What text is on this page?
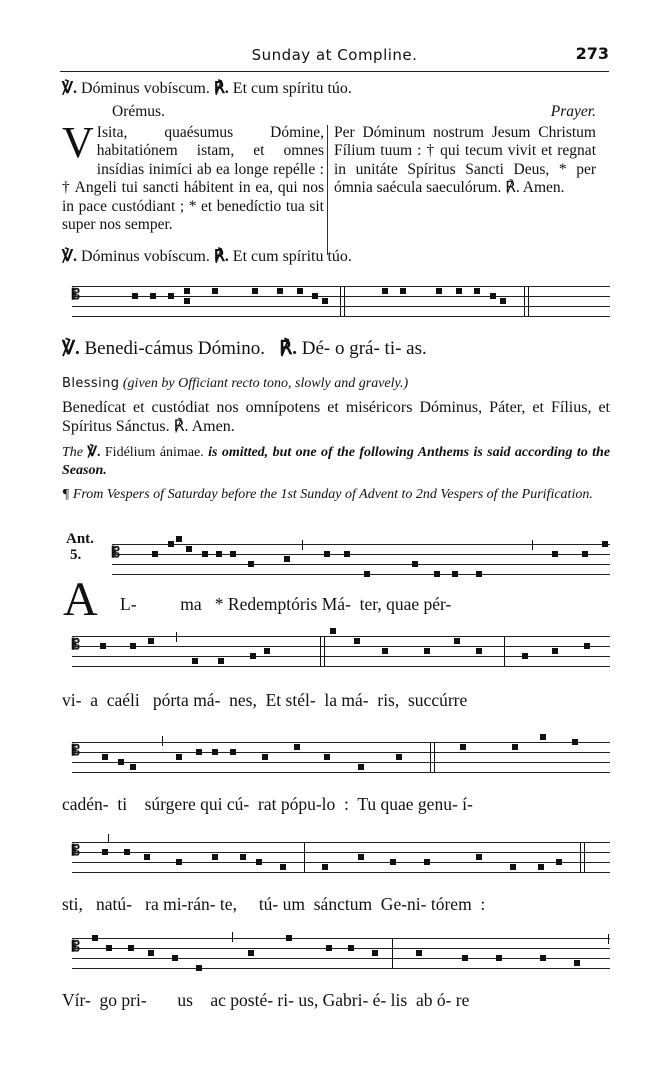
Sunday at Compline.	273
℣. Dóminus vobíscum. ℟. Et cum spíritu túo.
Orémus.
V Isita, quaésumus Dómine, habitatiónem istam, et omnes insídias inimíci ab ea longe repélle : † Angeli tui sancti hábitent in ea, qui nos in pace custódiant ; * et benedíctio tua sit super nos semper.
Prayer.
Per Dóminum nostrum Jesum Christum Fílium tuum : † qui tecum vivit et regnat in unitáte Spíritus Sancti Deus, * per ómnia saécula saeculórum. ℟. Amen.
℣. Dóminus vobíscum. ℟. Et cum spíritu túo.
𝄡
℣. Benedi-cámus Dómino. ℟. Dé- o grá- ti- as.
Blessing (given by Officiant recto tono, slowly and gravely.)
Benedícat et custódiat nos omnípotens et miséricors Dóminus, Páter, et Fílius, et Spíritus Sánctus. ℟. Amen.
The ℣. Fidélium ánimae. is omitted, but one of the following Anthems is said according to the Season.
¶ From Vespers of Saturday before the 1st Sunday of Advent to 2nd Vespers of the Purification.
Ant.
5.
A
𝄡
L-          ma   * Redemptóris Má-  ter, quae pér-
𝄡
vi-  a  caéli   pórta má-  nes,  Et stél-  la má-  ris,  succúrre
𝄡
cadén-  ti    súrgere qui cú-  rat pópu-lo  :  Tu quae genu- í-
𝄡
sti,   natú-   ra mi-rán- te,     tú- um  sánctum  Ge-ni- tórem  :
𝄡
Vír-  go pri-       us    ac posté- ri- us, Gabri- é- lis  ab ó- re
